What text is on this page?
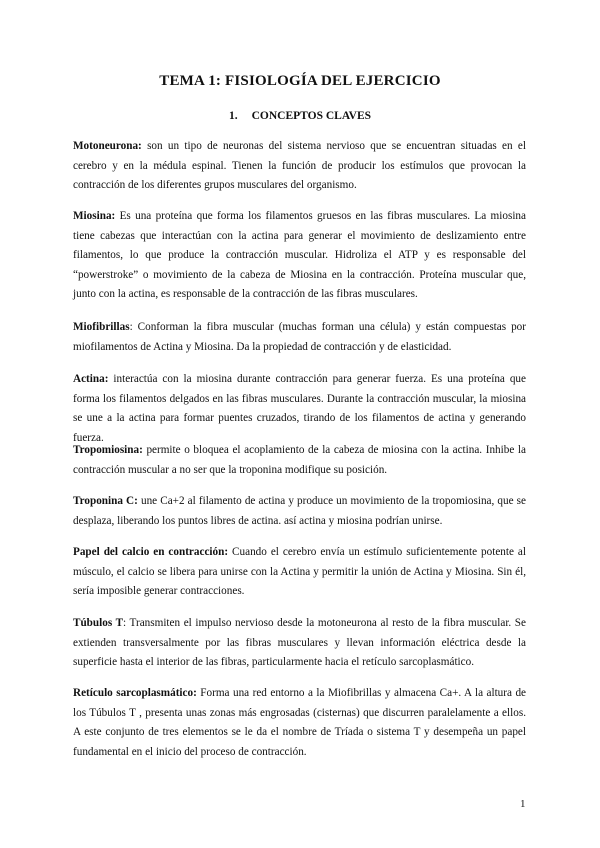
TEMA 1: FISIOLOGÍA DEL EJERCICIO
1. CONCEPTOS CLAVES

Motoneurona: son un tipo de neuronas del sistema nervioso que se encuentran situadas en el cerebro y en la médula espinal. Tienen la función de producir los estímulos que provocan la contracción de los diferentes grupos musculares del organismo.

Miosina: Es una proteína que forma los filamentos gruesos en las fibras musculares. La miosina tiene cabezas que interactúan con la actina para generar el movimiento de deslizamiento entre filamentos, lo que produce la contracción muscular. Hidroliza el ATP y es responsable del “powerstroke” o movimiento de la cabeza de Miosina en la contracción. Proteína muscular que, junto con la actina, es responsable de la contracción de las fibras musculares.

Miofibrillas: Conforman la fibra muscular (muchas forman una célula) y están compuestas por miofilamentos de Actina y Miosina. Da la propiedad de contracción y de elasticidad.

Actina: interactúa con la miosina durante contracción para generar fuerza. Es una proteína que forma los filamentos delgados en las fibras musculares. Durante la contracción muscular, la miosina se une a la actina para formar puentes cruzados, tirando de los filamentos de actina y generando fuerza.

Tropomiosina: permite o bloquea el acoplamiento de la cabeza de miosina con la actina. Inhibe la contracción muscular a no ser que la troponina modifique su posición.

Troponina C: une Ca+2 al filamento de actina y produce un movimiento de la tropomiosina, que se desplaza, liberando los puntos libres de actina. así actina y miosina podrían unirse.

Papel del calcio en contracción: Cuando el cerebro envía un estímulo suficientemente potente al músculo, el calcio se libera para unirse con la Actina y permitir la unión de Actina y Miosina. Sin él, sería imposible generar contracciones.

Túbulos T: Transmiten el impulso nervioso desde la motoneurona al resto de la fibra muscular. Se extienden transversalmente por las fibras musculares y llevan información eléctrica desde la superficie hasta el interior de las fibras, particularmente hacia el retículo sarcoplasmático.

Retículo sarcoplasmático: Forma una red entorno a la Miofibrillas y almacena Ca+. A la altura de los Túbulos T , presenta unas zonas más engrosadas (cisternas) que discurren paralelamente a ellos. A este conjunto de tres elementos se le da el nombre de Tríada o sistema T y desempeña un papel fundamental en el inicio del proceso de contracción.

1
